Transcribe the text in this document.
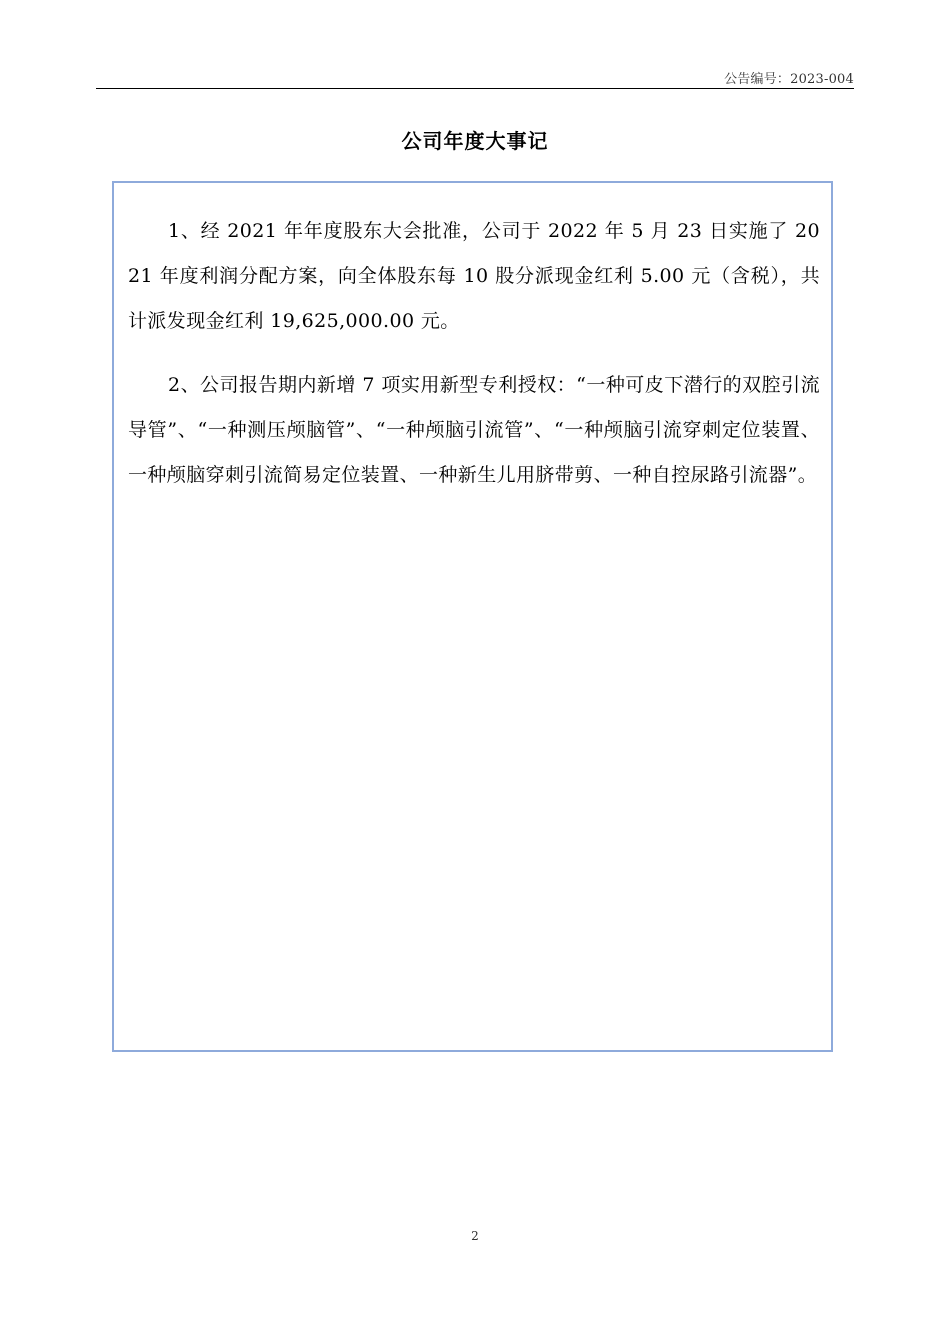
公告编号：2023-004
公司年度大事记

1、经 2021 年年度股东大会批准，公司于 2022 年 5 月 23 日实施了 2021 年度利润分配方案，向全体股东每 10 股分派现金红利 5.00 元（含税），共计派发现金红利 19,625,000.00 元。

2、公司报告期内新增 7 项实用新型专利授权：“一种可皮下潜行的双腔引流导管”、“一种测压颅脑管”、“一种颅脑引流管”、“一种颅脑引流穿刺定位装置、一种颅脑穿刺引流简易定位装置、一种新生儿用脐带剪、一种自控尿路引流器”。

2
